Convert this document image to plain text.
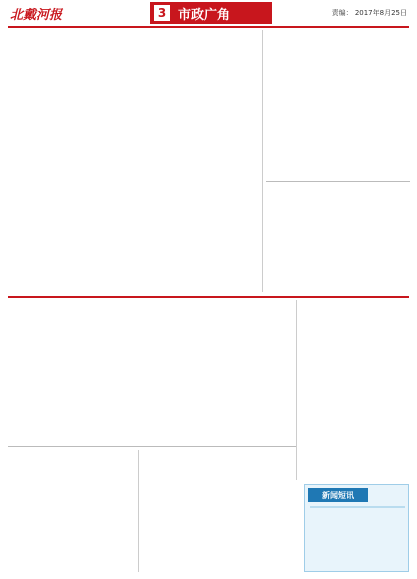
北戴河报	3 市政广角	责编： 2017年8月25日
新闻短讯
